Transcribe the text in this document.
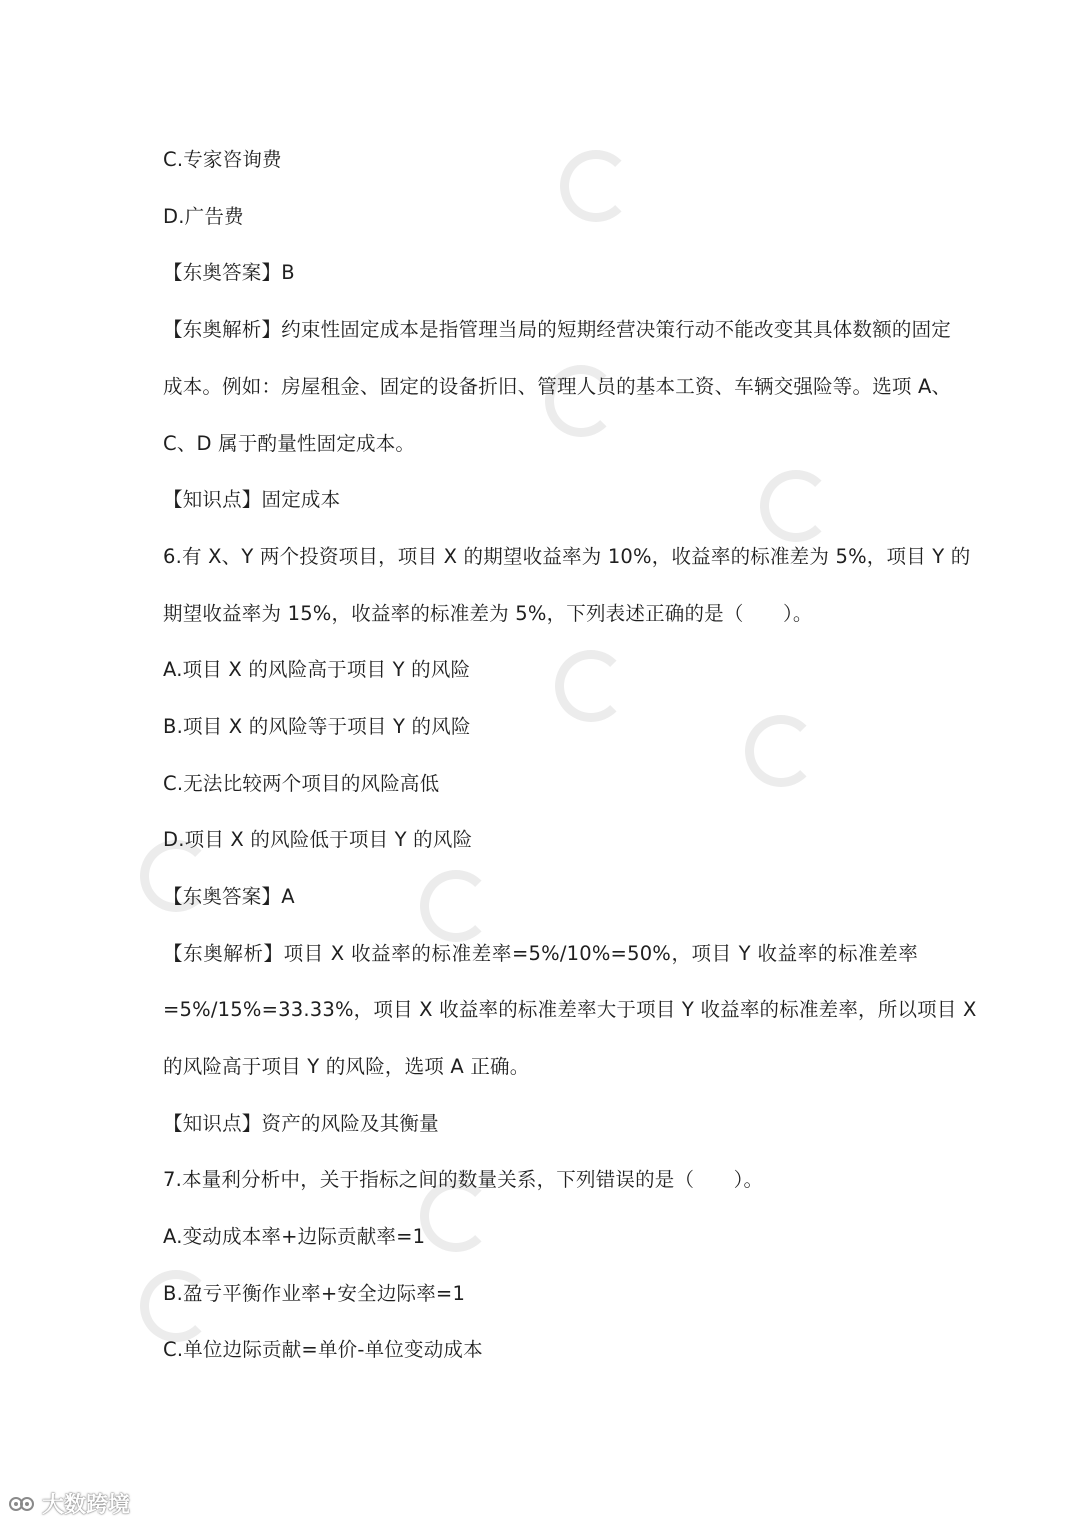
C.专家咨询费
D.广告费
【东奥答案】B
【东奥解析】约束性固定成本是指管理当局的短期经营决策行动不能改变其具体数额的固定
成本。例如：房屋租金、固定的设备折旧、管理人员的基本工资、车辆交强险等。选项 A、
C、D 属于酌量性固定成本。
【知识点】固定成本
6.有 X、Y 两个投资项目，项目 X 的期望收益率为 10%，收益率的标准差为 5%，项目 Y 的
期望收益率为 15%，收益率的标准差为 5%，下列表述正确的是（　　）。
A.项目 X 的风险高于项目 Y 的风险
B.项目 X 的风险等于项目 Y 的风险
C.无法比较两个项目的风险高低
D.项目 X 的风险低于项目 Y 的风险
【东奥答案】A
【东奥解析】项目 X 收益率的标准差率=5%/10%=50%，项目 Y 收益率的标准差率
=5%/15%=33.33%，项目 X 收益率的标准差率大于项目 Y 收益率的标准差率，所以项目 X
的风险高于项目 Y 的风险，选项 A 正确。
【知识点】资产的风险及其衡量
7.本量利分析中，关于指标之间的数量关系，下列错误的是（　　）。
A.变动成本率+边际贡献率=1
B.盈亏平衡作业率+安全边际率=1
C.单位边际贡献=单价-单位变动成本
大数跨境
